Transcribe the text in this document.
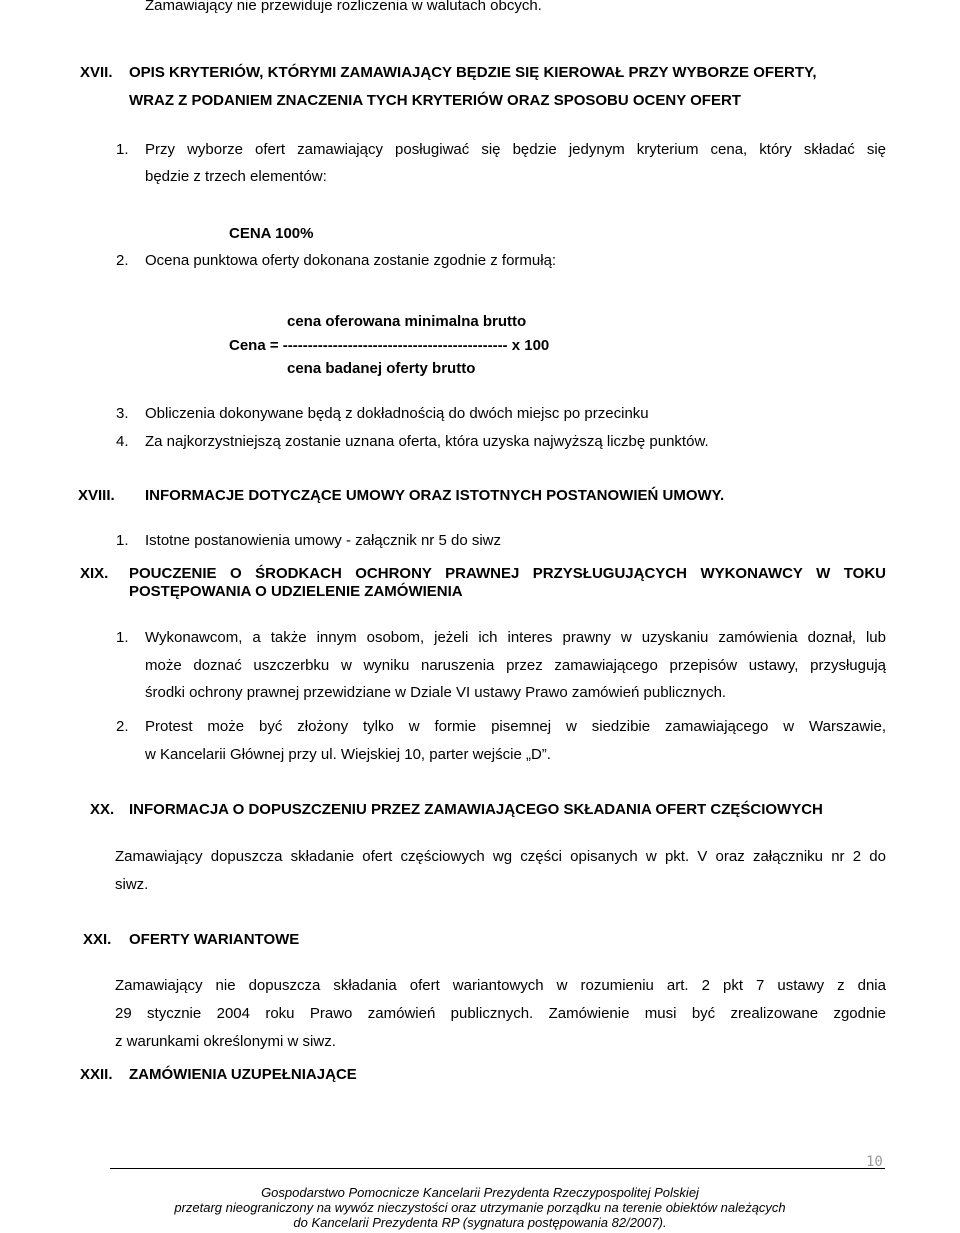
Zamawiający nie przewiduje rozliczenia w walutach obcych.
XVII. OPIS KRYTERIÓW, KTÓRYMI ZAMAWIAJĄCY BĘDZIE SIĘ KIEROWAŁ PRZY WYBORZE OFERTY,
WRAZ Z PODANIEM ZNACZENIA TYCH KRYTERIÓW ORAZ SPOSOBU OCENY OFERT
1. Przy wyborze ofert zamawiający posługiwać się będzie jedynym kryterium cena, który składać się
będzie z trzech elementów:
CENA 100%
2. Ocena punktowa oferty dokonana zostanie zgodnie z formułą:
cena oferowana minimalna brutto
Cena = --------------------------------------------- x 100
cena badanej oferty brutto
3. Obliczenia dokonywane będą z dokładnością do dwóch miejsc po przecinku
4. Za najkorzystniejszą zostanie uznana oferta, która uzyska najwyższą liczbę punktów.
XVIII. INFORMACJE DOTYCZĄCE UMOWY ORAZ ISTOTNYCH POSTANOWIEŃ UMOWY.
1. Istotne postanowienia umowy - załącznik nr 5 do siwz
XIX. POUCZENIE O ŚRODKACH OCHRONY PRAWNEJ PRZYSŁUGUJĄCYCH WYKONAWCY W TOKU
POSTĘPOWANIA O UDZIELENIE ZAMÓWIENIA
1. Wykonawcom, a także innym osobom, jeżeli ich interes prawny w uzyskaniu zamówienia doznał, lub
może doznać uszczerbku w wyniku naruszenia przez zamawiającego przepisów ustawy, przysługują
środki ochrony prawnej przewidziane w Dziale VI ustawy Prawo zamówień publicznych.
2. Protest może być złożony tylko w formie pisemnej w siedzibie zamawiającego w Warszawie,
w Kancelarii Głównej przy ul. Wiejskiej 10, parter wejście „D”.
XX. INFORMACJA O DOPUSZCZENIU PRZEZ ZAMAWIAJĄCEGO SKŁADANIA OFERT CZĘŚCIOWYCH
Zamawiający dopuszcza składanie ofert częściowych wg części opisanych w pkt. V oraz załączniku nr 2 do
siwz.
XXI. OFERTY WARIANTOWE
Zamawiający nie dopuszcza składania ofert wariantowych w rozumieniu art. 2 pkt 7 ustawy z dnia
29 stycznie 2004 roku Prawo zamówień publicznych. Zamówienie musi być zrealizowane zgodnie
z warunkami określonymi w siwz.
XXII. ZAMÓWIENIA UZUPEŁNIAJĄCE
10
Gospodarstwo Pomocnicze Kancelarii Prezydenta Rzeczypospolitej Polskiej
przetarg nieograniczony na wywóz nieczystości oraz utrzymanie porządku na terenie obiektów należących
do Kancelarii Prezydenta RP (sygnatura postępowania 82/2007).
